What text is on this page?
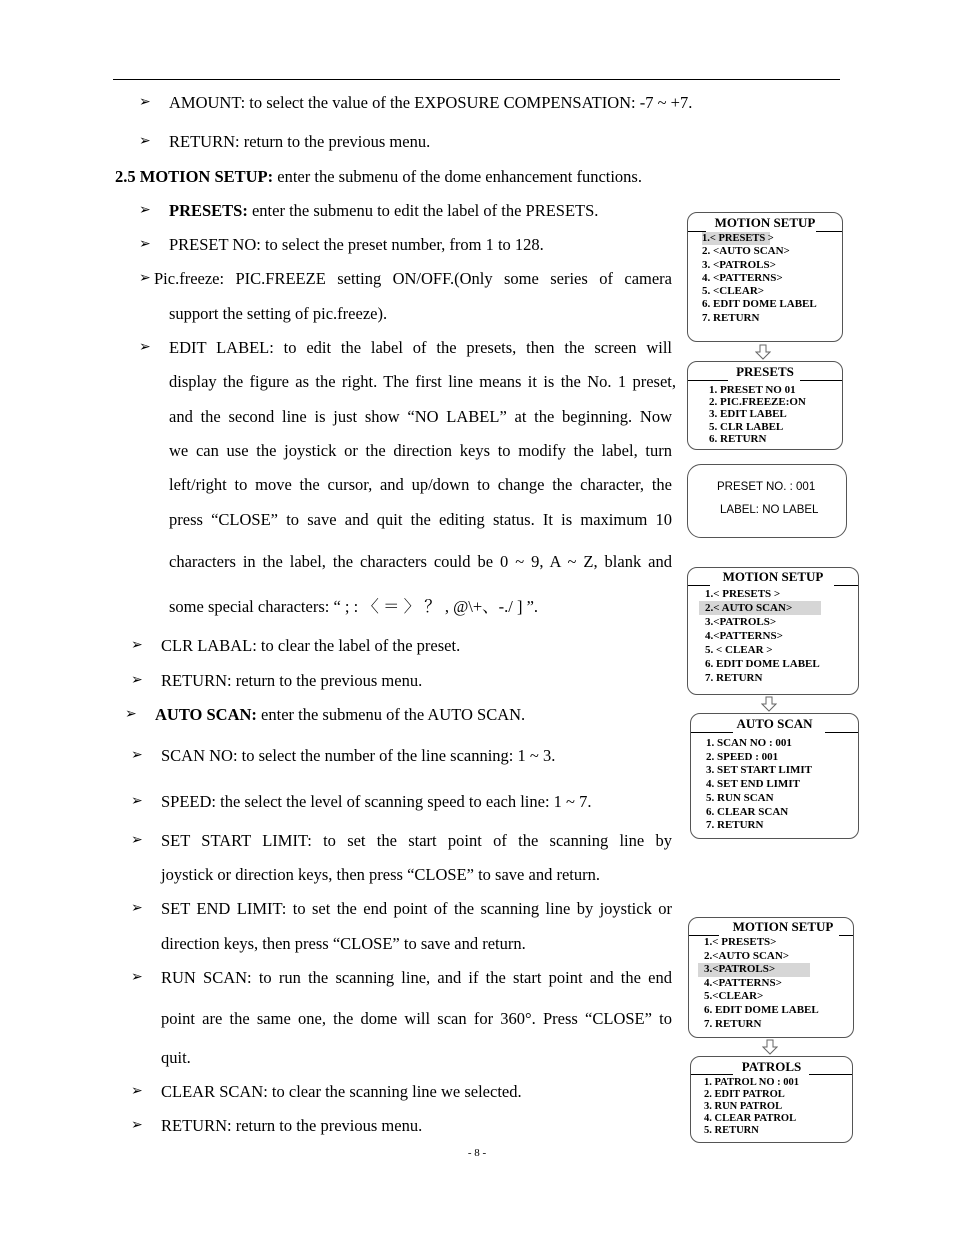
➢ AMOUNT: to select the value of the EXPOSURE COMPENSATION: -7 ~ +7.
➢ RETURN: return to the previous menu.
2.5 MOTION SETUP: enter the submenu of the dome enhancement functions.
➢ PRESETS: enter the submenu to edit the label of the PRESETS.
➢ PRESET NO: to select the preset number, from 1 to 128.
➢ Pic.freeze: PIC.FREEZE setting ON/OFF.(Only some series of camera
support the setting of pic.freeze).
➢ EDIT LABEL: to edit the label of the presets, then the screen will
display the figure as the right. The first line means it is the No. 1 preset,
and the second line is just show “NO LABEL” at the beginning. Now
we can use the joystick or the direction keys to modify the label, turn
left/right to move the cursor, and up/down to change the character, the
press “CLOSE” to save and quit the editing status. It is maximum 10
characters in the label, the characters could be 0 ~ 9, A ~ Z, blank and
some special characters: “ ; : 〈 ＝ 〉 ？ , @\+、-./ ] ”.
➢ CLR LABAL: to clear the label of the preset.
➢ RETURN: return to the previous menu.
➢ AUTO SCAN: enter the submenu of the AUTO SCAN.
➢ SCAN NO: to select the number of the line scanning: 1 ~ 3.
➢ SPEED: the select the level of scanning speed to each line: 1 ~ 7.
➢ SET START LIMIT: to set the start point of the scanning line by
joystick or direction keys, then press “CLOSE” to save and return.
➢ SET END LIMIT: to set the end point of the scanning line by joystick or
direction keys, then press “CLOSE” to save and return.
➢ RUN SCAN: to run the scanning line, and if the start point and the end
point are the same one, the dome will scan for 360°. Press “CLOSE” to
quit.
➢ CLEAR SCAN: to clear the scanning line we selected.
➢ RETURN: return to the previous menu.
- 8 -
MOTION SETUP
1.< PRESETS >
2. <AUTO SCAN>
3. <PATROLS>
4. <PATTERNS>
5. <CLEAR>
6. EDIT DOME LABEL
7. RETURN
PRESETS
1. PRESET NO 01
2. PIC.FREEZE:ON
3. EDIT LABEL
5. CLR LABEL
6. RETURN
PRESET NO. : 001
LABEL: NO LABEL
MOTION SETUP
1.< PRESETS >
2.< AUTO SCAN>
3.<PATROLS>
4.<PATTERNS>
5. < CLEAR >
6. EDIT DOME LABEL
7. RETURN
AUTO SCAN
1. SCAN NO : 001
2. SPEED : 001
3. SET START LIMIT
4. SET END LIMIT
5. RUN SCAN
6. CLEAR SCAN
7. RETURN
MOTION SETUP
1.< PRESETS>
2.<AUTO SCAN>
3.<PATROLS>
4.<PATTERNS>
5.<CLEAR>
6. EDIT DOME LABEL
7. RETURN
PATROLS
1. PATROL NO : 001
2. EDIT PATROL
3. RUN PATROL
4. CLEAR PATROL
5. RETURN
